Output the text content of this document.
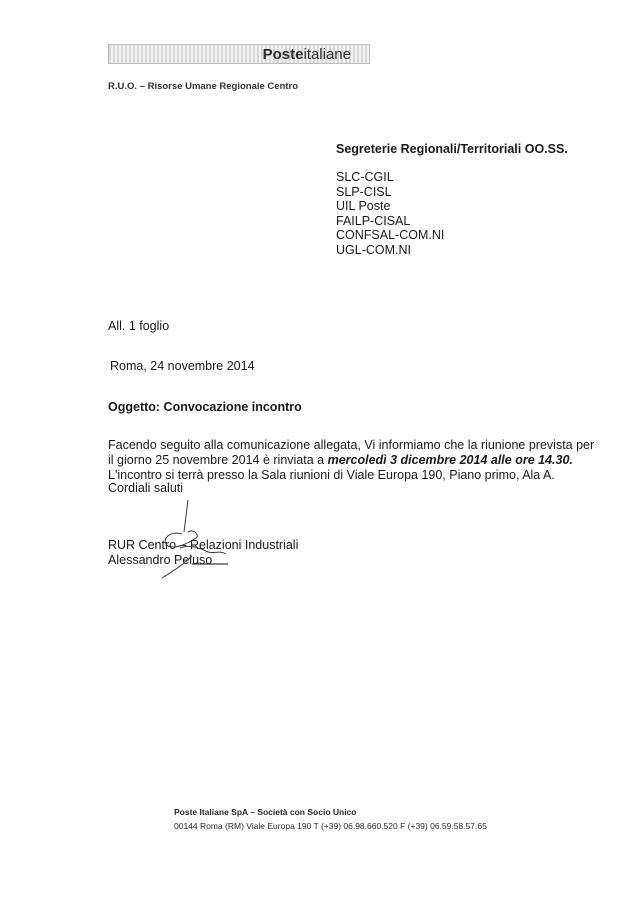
Posteitaliane
R.U.O. – Risorse Umane Regionale Centro
Segreterie Regionali/Territoriali OO.SS.
SLC-CGIL
SLP-CISL
UIL Poste
FAILP-CISAL
CONFSAL-COM.NI
UGL-COM.NI
All. 1 foglio
Roma, 24 novembre 2014
Oggetto: Convocazione incontro
Facendo seguito alla comunicazione allegata, Vi informiamo che la riunione prevista per
il giorno 25 novembre 2014 è rinviata a mercoledì 3 dicembre 2014 alle ore 14.30.
L'incontro si terrà presso la Sala riunioni di Viale Europa 190, Piano primo, Ala A.
Cordiali saluti
RUR Centro – Relazioni Industriali
Alessandro Peluso
Poste Italiane SpA – Società con Socio Unico
00144 Roma (RM) Viale Europa 190 T (+39) 06.98.660.520 F (+39) 06.59.58.57.65
